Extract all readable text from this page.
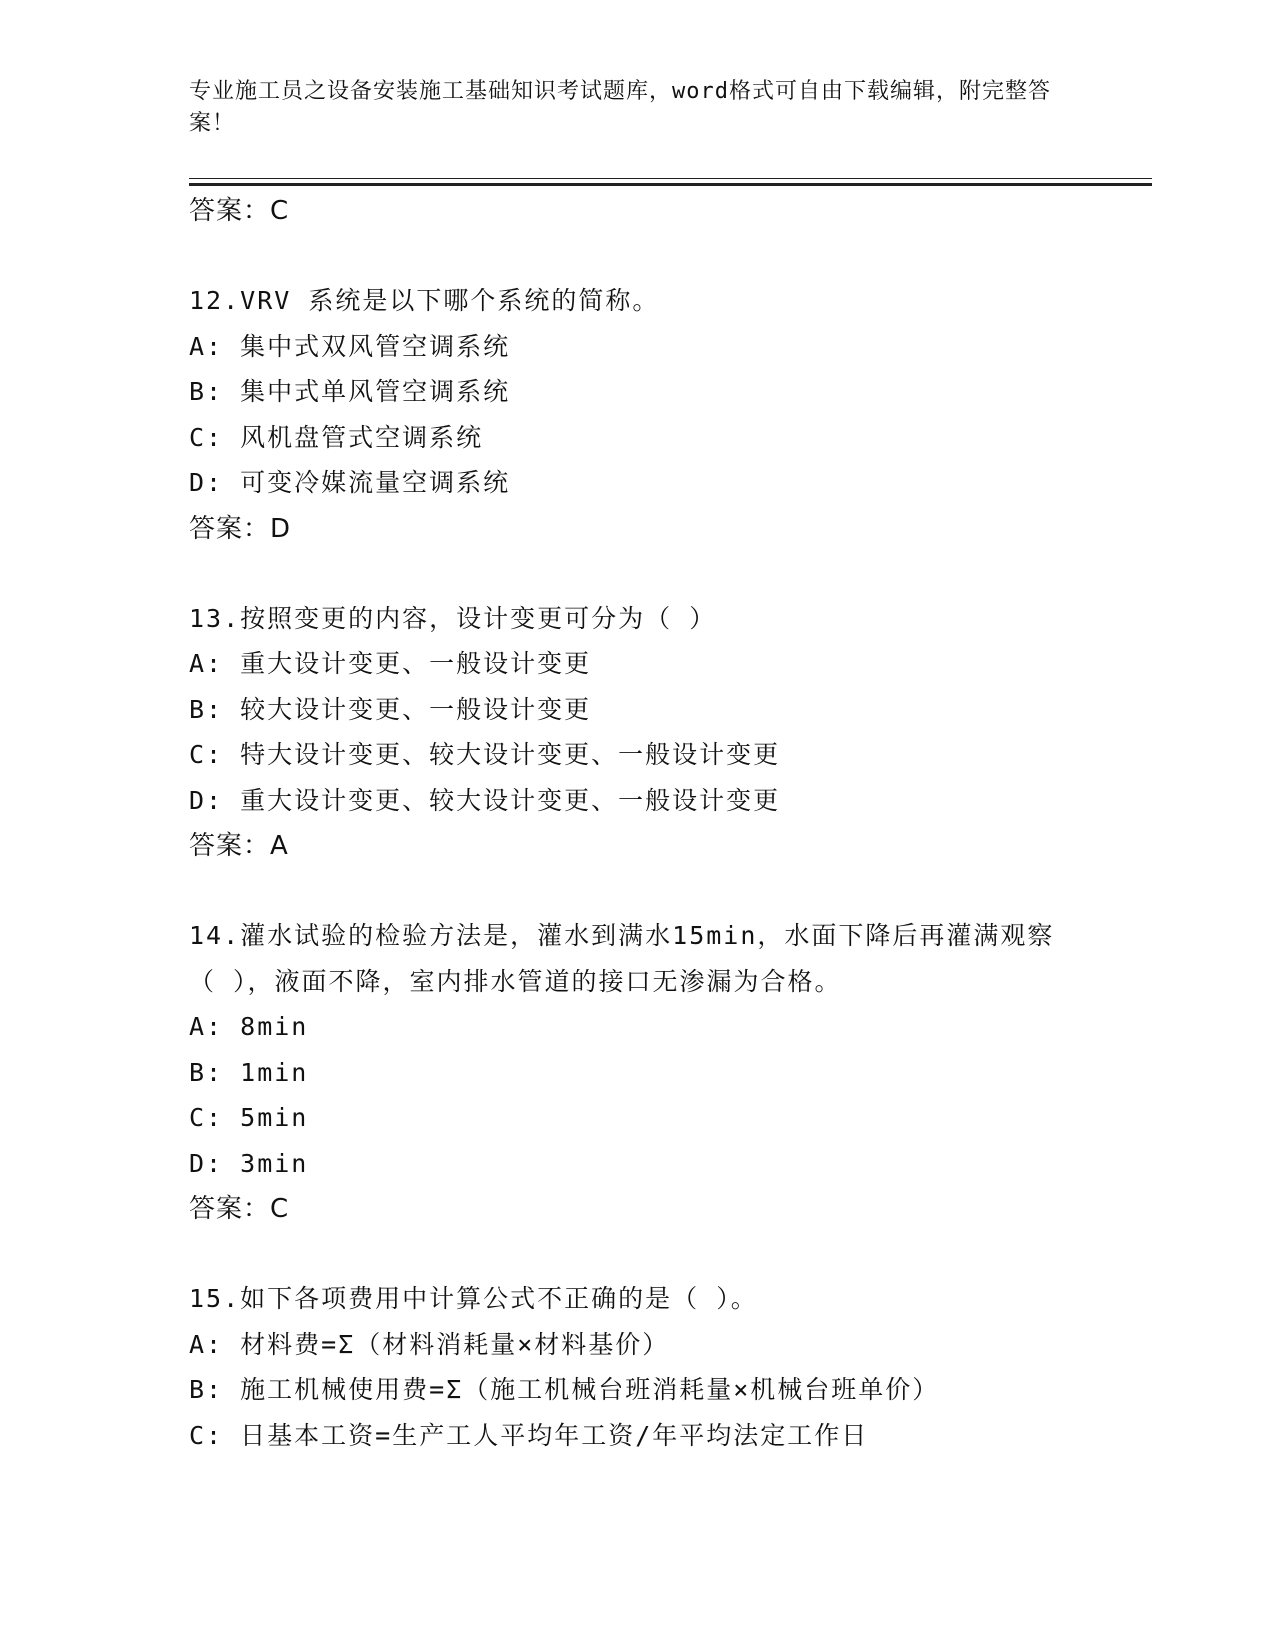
专业施工员之设备安装施工基础知识考试题库，word格式可自由下载编辑，附完整答案！
答案：C
12.VRV 系统是以下哪个系统的简称。
A: 集中式双风管空调系统
B: 集中式单风管空调系统
C: 风机盘管式空调系统
D: 可变冷媒流量空调系统
答案：D
13.按照变更的内容，设计变更可分为（ ）
A: 重大设计变更、一般设计变更
B: 较大设计变更、一般设计变更
C: 特大设计变更、较大设计变更、一般设计变更
D: 重大设计变更、较大设计变更、一般设计变更
答案：A
14.灌水试验的检验方法是，灌水到满水15min，水面下降后再灌满观察（ ），液面不降，室内排水管道的接口无渗漏为合格。
A: 8min
B: 1min
C: 5min
D: 3min
答案：C
15.如下各项费用中计算公式不正确的是（ ）。
A: 材料费=Σ（材料消耗量×材料基价）
B: 施工机械使用费=Σ（施工机械台班消耗量×机械台班单价）
C: 日基本工资=生产工人平均年工资/年平均法定工作日
